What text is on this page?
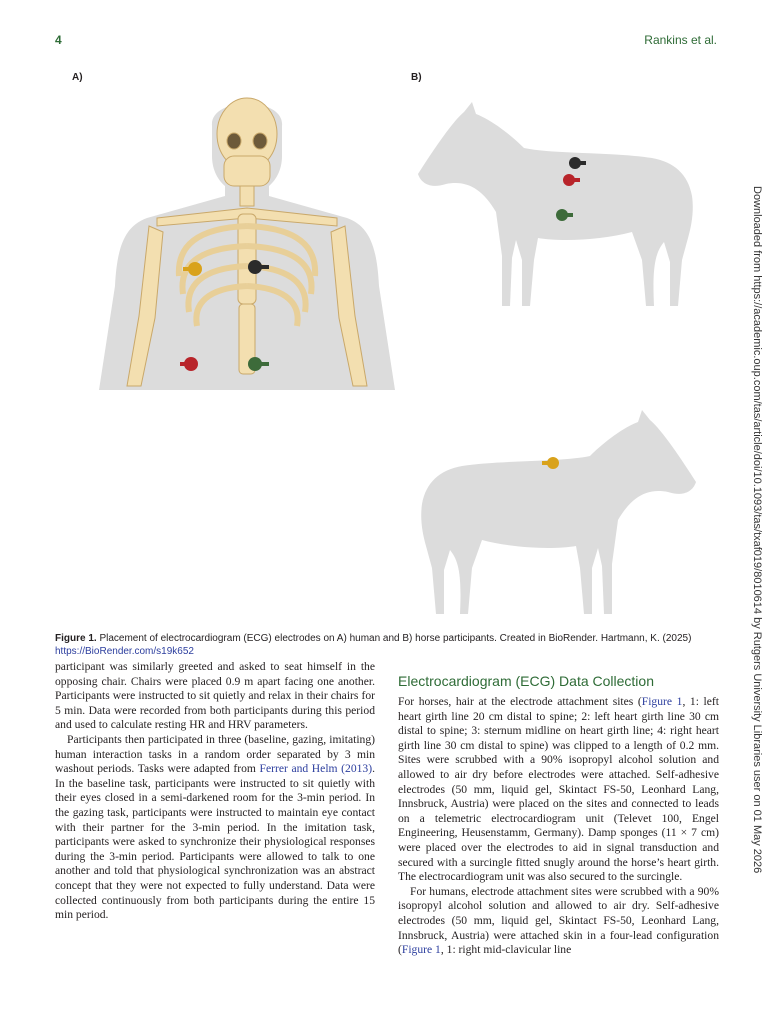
4	Rankins et al.
Downloaded from https://academic.oup.com/tas/article/doi/10.1093/tas/txaf019/8010614 by Rutgers University Libraries user on 01 May 2026
A)	B)
Figure 1. Placement of electrocardiogram (ECG) electrodes on A) human and B) horse participants. Created in BioRender. Hartmann, K. (2025) https://BioRender.com/s19k652

participant was similarly greeted and asked to seat himself in the opposing chair. Chairs were placed 0.9 m apart facing one another. Participants were instructed to sit quietly and relax in their chairs for 5 min. Data were recorded from both participants during this period and used to calculate resting HR and HRV parameters.

Participants then participated in three (baseline, gazing, imitating) human interaction tasks in a random order separated by 3 min washout periods. Tasks were adapted from Ferrer and Helm (2013). In the baseline task, participants were instructed to sit quietly with their eyes closed in a semi-darkened room for the 3-min period. In the gazing task, participants were instructed to maintain eye contact with their partner for the 3-min period. In the imitation task, participants were asked to synchronize their physiological responses during the 3-min period. Participants were allowed to talk to one another and told that physiological synchronization was an abstract concept that they were not expected to fully understand. Data were collected continuously from both participants during the entire 15 min period.

Electrocardiogram (ECG) Data Collection

For horses, hair at the electrode attachment sites (Figure 1, 1: left heart girth line 20 cm distal to spine; 2: left heart girth line 30 cm distal to spine; 3: sternum midline on heart girth line; 4: right heart girth line 30 cm distal to spine) was clipped to a length of 0.2 mm. Sites were scrubbed with a 90% isopropyl alcohol solution and allowed to air dry before electrodes were attached. Self-adhesive electrodes (50 mm, liquid gel, Skintact FS-50, Leonhard Lang, Innsbruck, Austria) were placed on the sites and connected to leads on a telemetric electrocardiogram unit (Televet 100, Engel Engineering, Heusenstamm, Germany). Damp sponges (11 × 7 cm) were placed over the electrodes to aid in signal transduction and secured with a surcingle fitted snugly around the horse’s heart girth. The electrocardiogram unit was also secured to the surcingle.

For humans, electrode attachment sites were scrubbed with a 90% isopropyl alcohol solution and allowed to air dry. Self-adhesive electrodes (50 mm, liquid gel, Skintact FS-50, Leonhard Lang, Innsbruck, Austria) were attached skin in a four-lead configuration (Figure 1, 1: right mid-clavicular line
